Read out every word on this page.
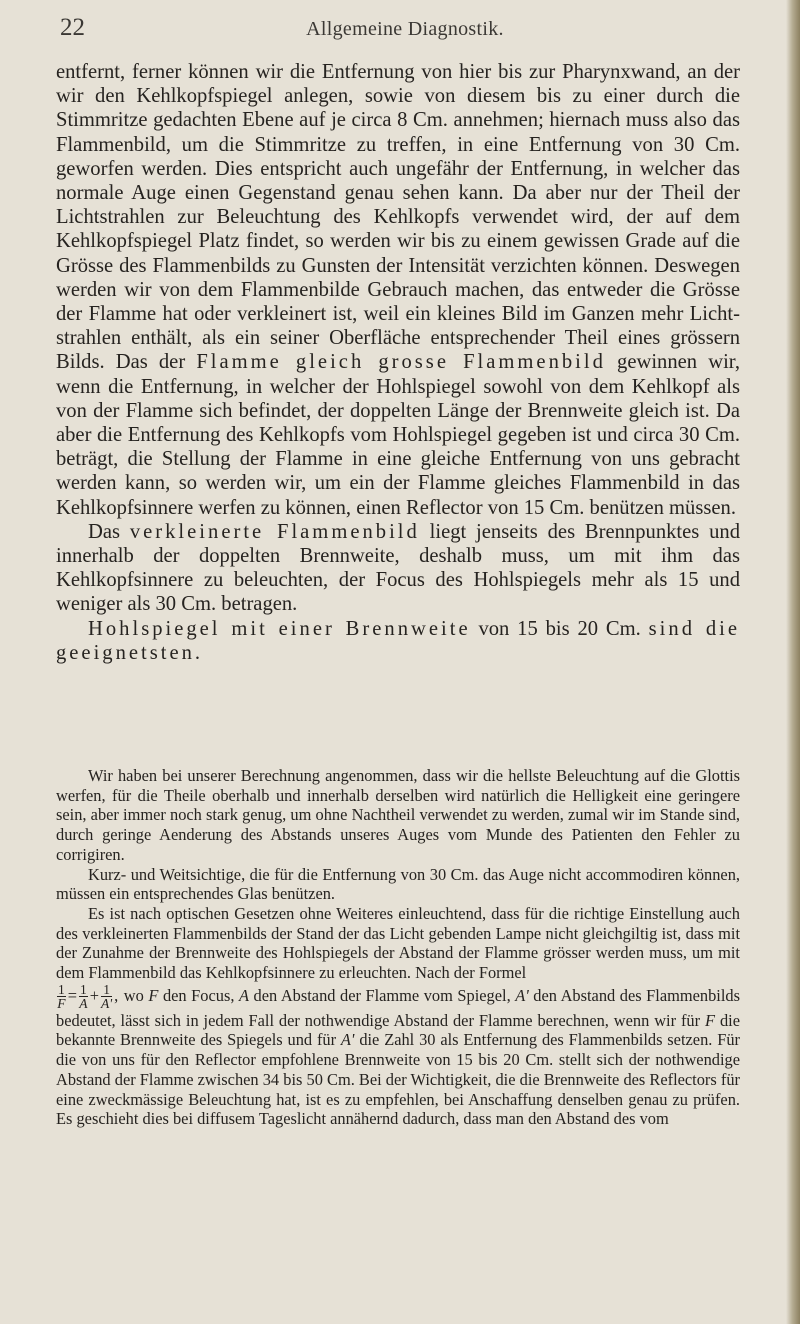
22	Allgemeine Diagnostik.

entfernt, ferner können wir die Entfernung von hier bis zur Pharynxwand, an der wir den Kehlkopfspiegel anlegen, sowie von diesem bis zu einer durch die Stimmritze gedachten Ebene auf je circa 8 Cm. annehmen; hiernach muss also das Flammenbild, um die Stimmritze zu treffen, in eine Entfernung von 30 Cm. geworfen werden. Dies entspricht auch ungefähr der Entfernung, in welcher das normale Auge einen Gegenstand genau sehen kann. Da aber nur der Theil der Lichtstrahlen zur Beleuchtung des Kehlkopfs verwendet wird, der auf dem Kehlkopfspiegel Platz findet, so werden wir bis zu einem gewissen Grade auf die Grösse des Flammenbilds zu Gunsten der Intensität verzichten können. Deswegen werden wir von dem Flammenbilde Gebrauch machen, das entweder die Grösse der Flamme hat oder verkleinert ist, weil ein kleines Bild im Ganzen mehr Lichtstrahlen enthält, als ein seiner Oberfläche entsprechender Theil eines grössern Bilds. Das der Flamme gleich grosse Flammenbild gewinnen wir, wenn die Entfernung, in welcher der Hohlspiegel sowohl von dem Kehlkopf als von der Flamme sich befindet, der doppelten Länge der Brennweite gleich ist. Da aber die Entfernung des Kehlkopfs vom Hohlspiegel gegeben ist und circa 30 Cm. beträgt, die Stellung der Flamme in eine gleiche Entfernung von uns gebracht werden kann, so werden wir, um ein der Flamme gleiches Flammenbild in das Kehlkopfsinnere werfen zu können, einen Reflector von 15 Cm. benützen müssen.

Das verkleinerte Flammenbild liegt jenseits des Brennpunktes und innerhalb der doppelten Brennweite, deshalb muss, um mit ihm das Kehlkopfsinnere zu beleuchten, der Focus des Hohlspiegels mehr als 15 und weniger als 30 Cm. betragen.

Hohlspiegel mit einer Brennweite von 15 bis 20 Cm. sind die geeignetsten.

Wir haben bei unserer Berechnung angenommen, dass wir die hellste Beleuchtung auf die Glottis werfen, für die Theile oberhalb und innerhalb derselben wird natürlich die Helligkeit eine geringere sein, aber immer noch stark genug, um ohne Nachtheil verwendet zu werden, zumal wir im Stande sind, durch geringe Aenderung des Abstands unseres Auges vom Munde des Patienten den Fehler zu corrigiren.

Kurz- und Weitsichtige, die für die Entfernung von 30 Cm. das Auge nicht accommodiren können, müssen ein entsprechendes Glas benützen.

Es ist nach optischen Gesetzen ohne Weiteres einleuchtend, dass für die richtige Einstellung auch des verkleinerten Flammenbilds der Stand der das Licht gebenden Lampe nicht gleichgiltig ist, dass mit der Zunahme der Brennweite des Hohlspiegels der Abstand der Flamme grösser werden muss, um mit dem Flammenbild das Kehlkopfsinnere zu erleuchten. Nach der Formel

$\frac{1}{F} = \frac{1}{A} + \frac{1}{A'}$ , wo F den Focus, A den Abstand der Flamme vom Spiegel, A' den Abstand des Flammenbilds bedeutet, lässt sich in jedem Fall der nothwendige Abstand der Flamme berechnen, wenn wir für F die bekannte Brennweite des Spiegels und für A' die Zahl 30 als Entfernung des Flammenbilds setzen. Für die von uns für den Reflector empfohlene Brennweite von 15 bis 20 Cm. stellt sich der nothwendige Abstand der Flamme zwischen 34 bis 50 Cm. Bei der Wichtigkeit, die die Brennweite des Reflectors für eine zweckmässige Beleuchtung hat, ist es zu empfehlen, bei Anschaffung denselben genau zu prüfen. Es geschieht dies bei diffusem Tageslicht annähernd dadurch, dass man den Abstand des vom
